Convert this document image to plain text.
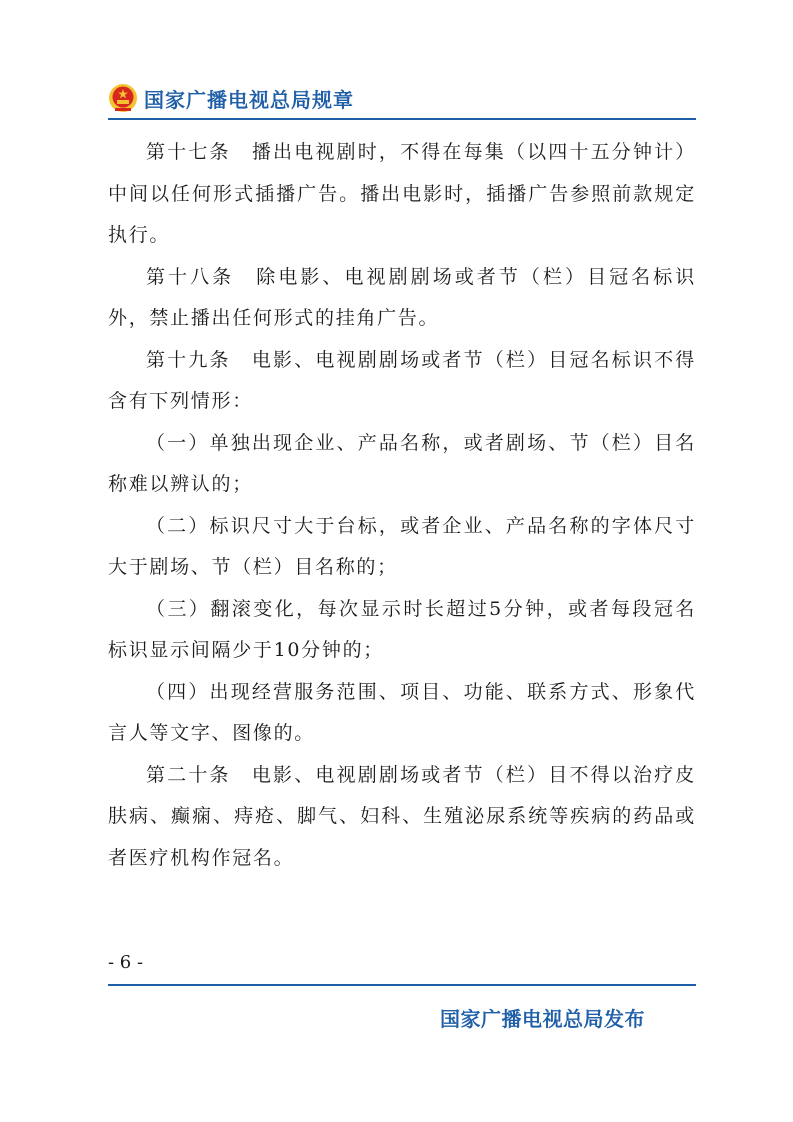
国家广播电视总局规章

第十七条　播出电视剧时，不得在每集（以四十五分钟计）中间以任何形式插播广告。播出电影时，插播广告参照前款规定执行。

第十八条　除电影、电视剧剧场或者节（栏）目冠名标识外，禁止播出任何形式的挂角广告。

第十九条　电影、电视剧剧场或者节（栏）目冠名标识不得含有下列情形：

（一）单独出现企业、产品名称，或者剧场、节（栏）目名称难以辨认的；

（二）标识尺寸大于台标，或者企业、产品名称的字体尺寸大于剧场、节（栏）目名称的；

（三）翻滚变化，每次显示时长超过5分钟，或者每段冠名标识显示间隔少于10分钟的；

（四）出现经营服务范围、项目、功能、联系方式、形象代言人等文字、图像的。

第二十条　电影、电视剧剧场或者节（栏）目不得以治疗皮肤病、癫痫、痔疮、脚气、妇科、生殖泌尿系统等疾病的药品或者医疗机构作冠名。

- 6 -
国家广播电视总局发布
